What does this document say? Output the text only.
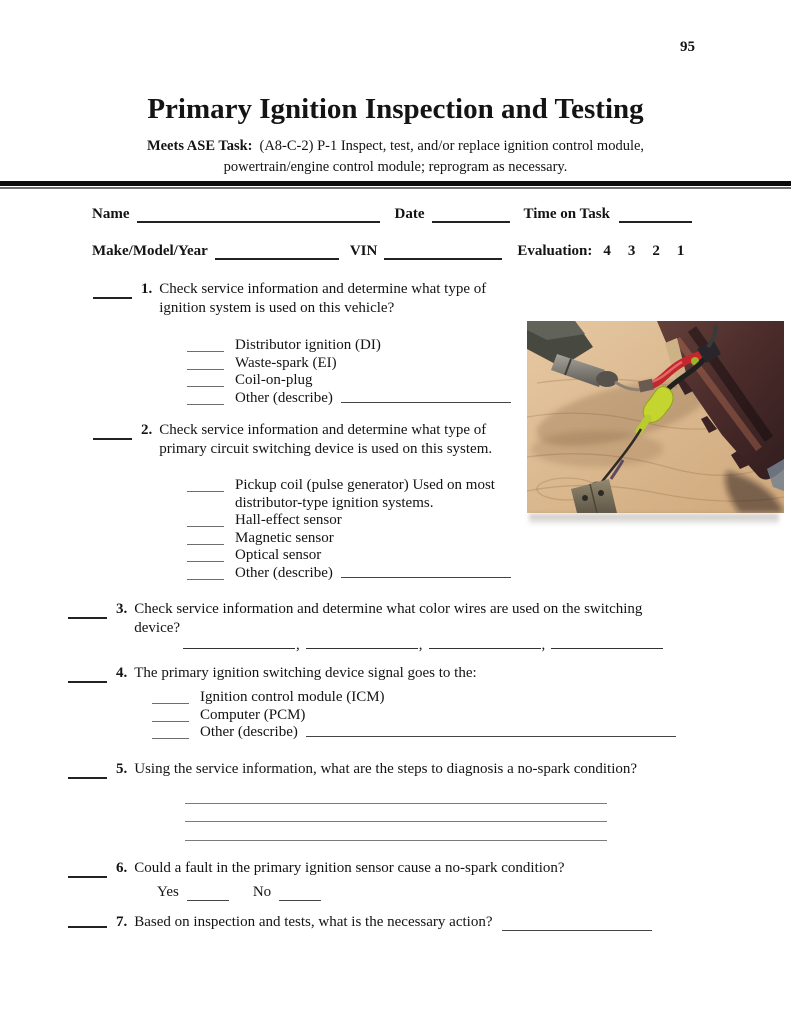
95
Primary Ignition Inspection and Testing
Meets ASE Task: (A8-C-2) P-1 Inspect, test, and/or replace ignition control module,
powertrain/engine control module; reprogram as necessary.
Name	Date	Time on Task
Make/Model/Year	VIN	Evaluation: 4 3 2 1
1. Check service information and determine what type of ignition system is used on this vehicle?
Distributor ignition (DI)
Waste-spark (EI)
Coil-on-plug
Other (describe)
2. Check service information and determine what type of primary circuit switching device is used on this system.
Pickup coil (pulse generator) Used on most distributor-type ignition systems.
Hall-effect sensor
Magnetic sensor
Optical sensor
Other (describe)
3. Check service information and determine what color wires are used on the switching device?
,	,	,
4. The primary ignition switching device signal goes to the:
Ignition control module (ICM)
Computer (PCM)
Other (describe)
5. Using the service information, what are the steps to diagnosis a no-spark condition?
6. Could a fault in the primary ignition sensor cause a no-spark condition?
Yes	No
7. Based on inspection and tests, what is the necessary action?
